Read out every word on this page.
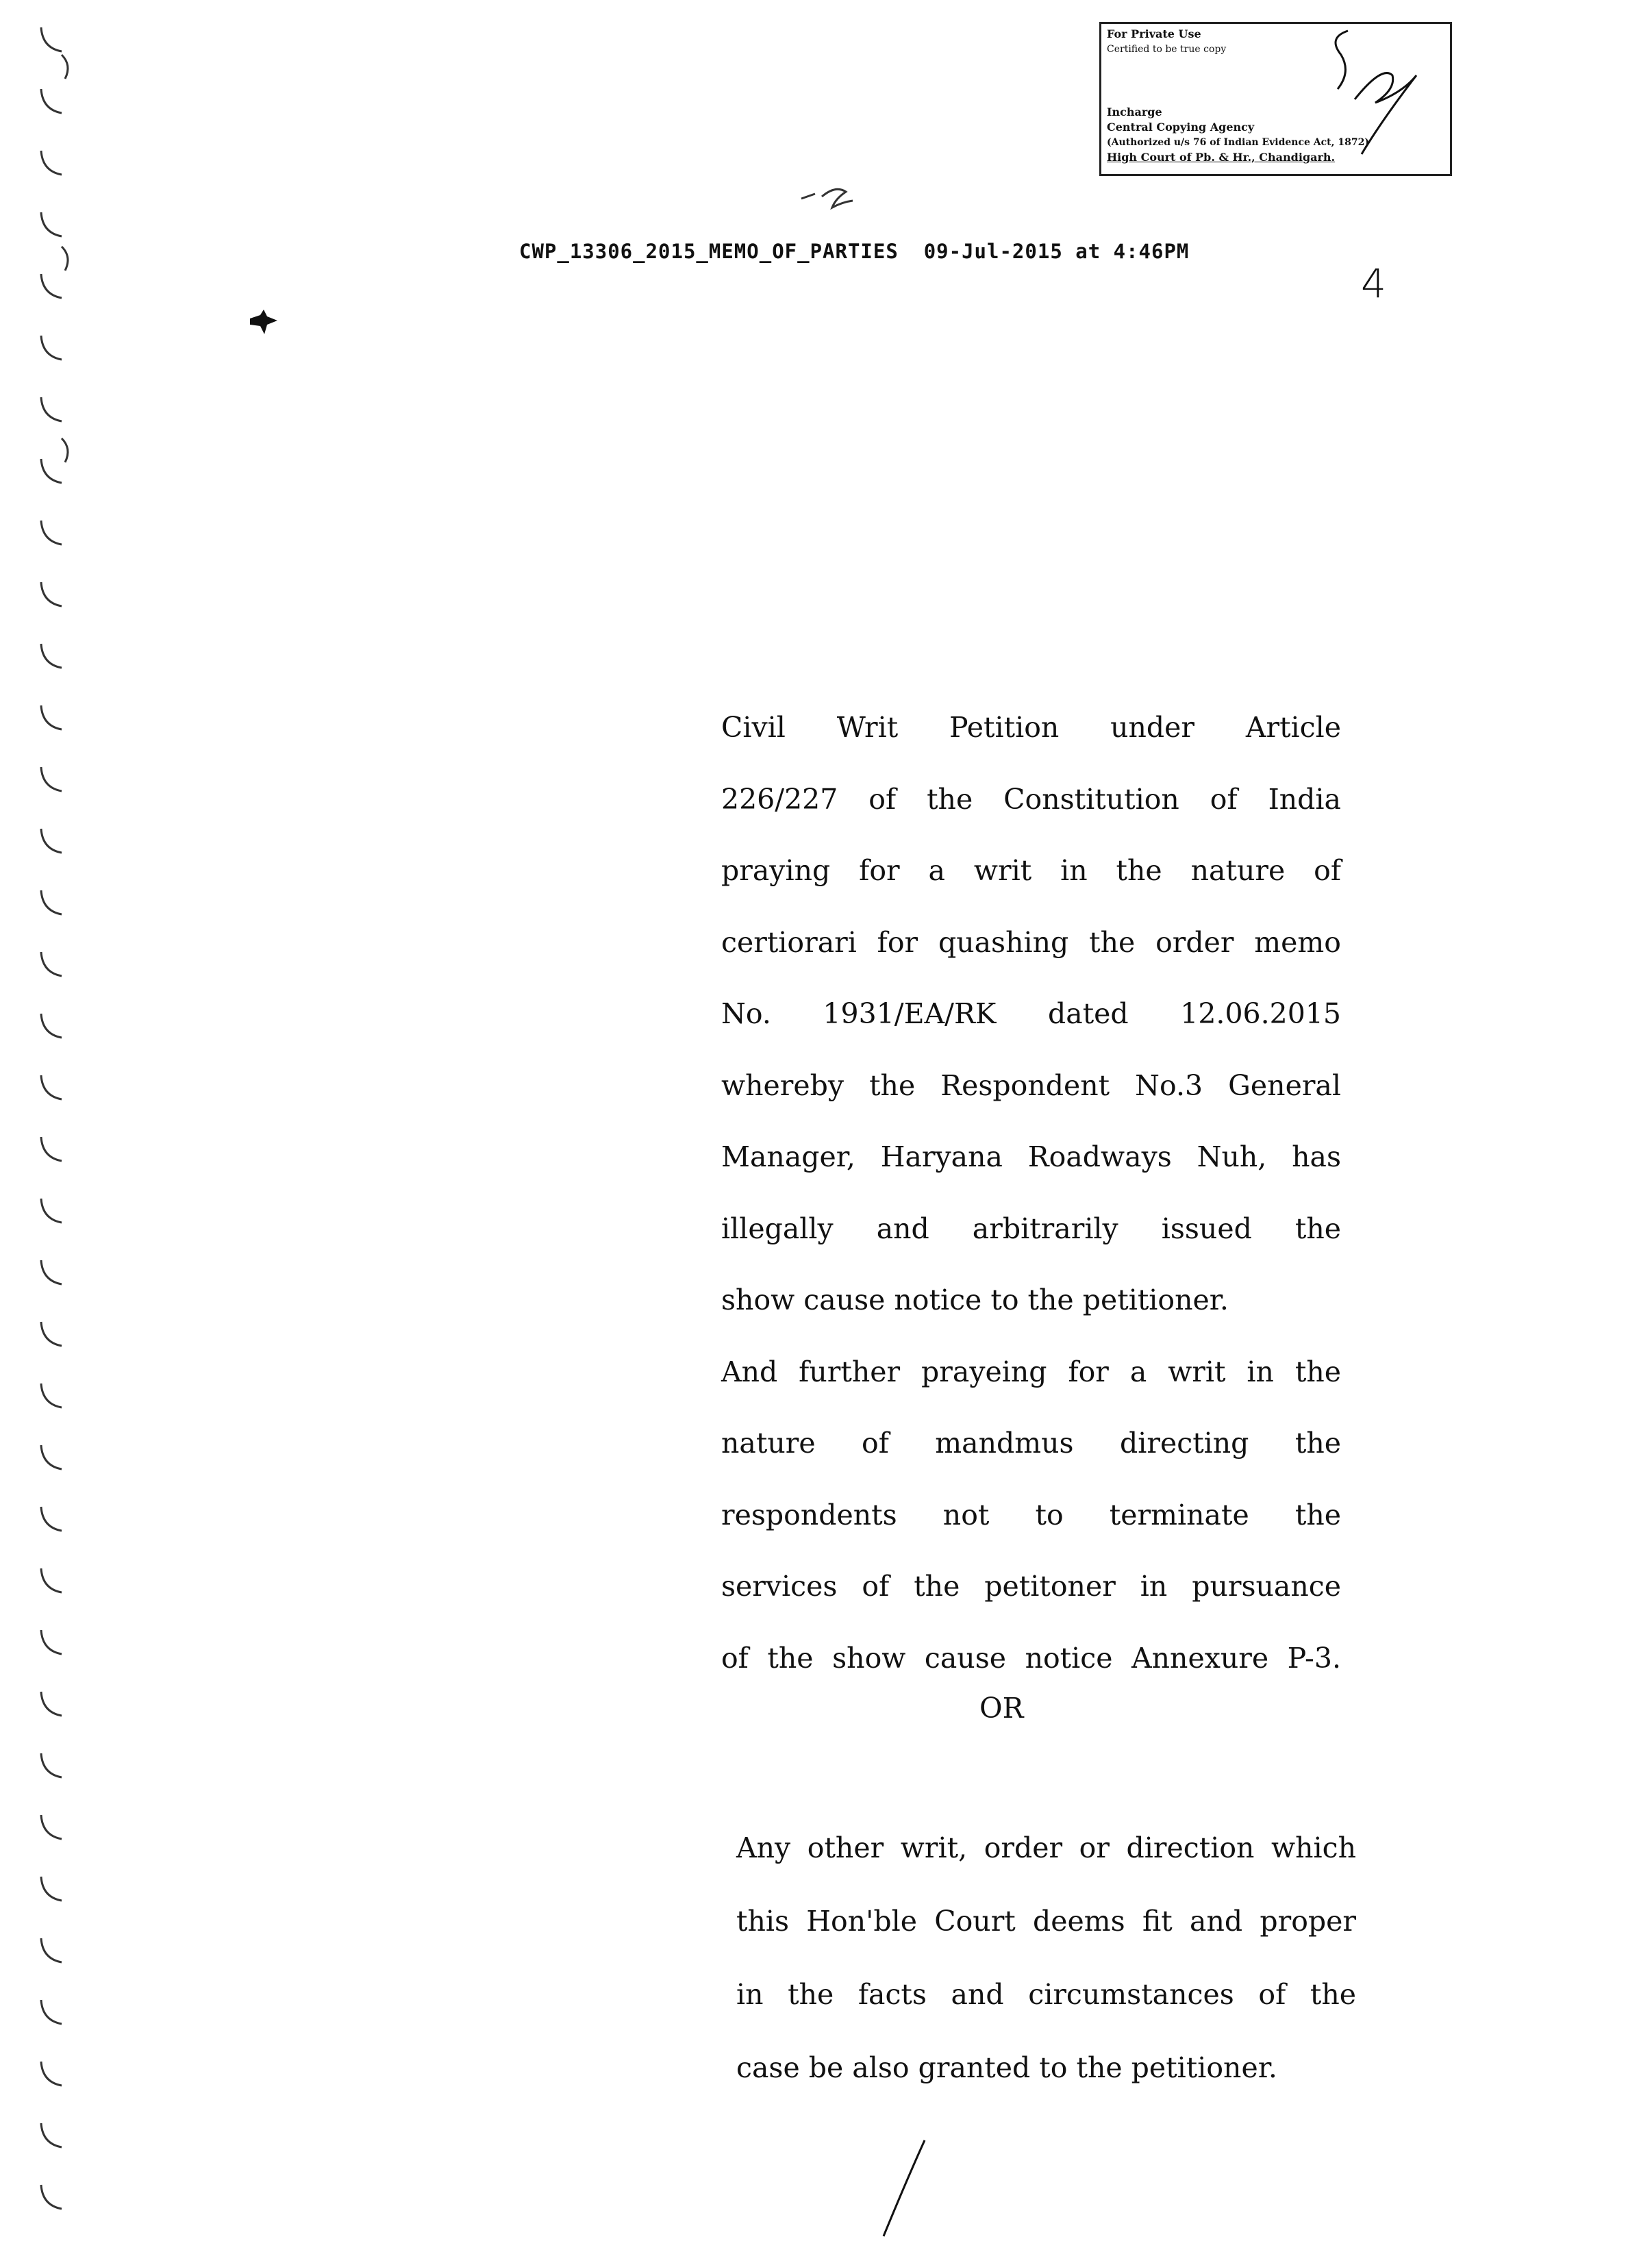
For Private Use
Certified to be true copy
Incharge
Central Copying Agency
(Authorized u/s 76 of Indian Evidence Act, 1872)
High Court of Pb. & Hr., Chandigarh.
CWP_13306_2015_MEMO_OF_PARTIES 09-Jul-2015 at 4:46PM
4
Civil Writ Petition under Article
226/227 of the Constitution of India
praying for a writ in the nature of
certiorari for quashing the order memo
No. 1931/EA/RK dated 12.06.2015
whereby the Respondent No.3 General
Manager, Haryana Roadways Nuh, has
illegally and arbitrarily issued the
show cause notice to the petitioner.
And further prayeing for a writ in the
nature of mandmus directing the
respondents not to terminate the
services of the petitoner in pursuance
of the show cause notice Annexure P-3.
OR
Any other writ, order or direction which
this Hon'ble Court deems fit and proper
in the facts and circumstances of the
case be also granted to the petitioner.
